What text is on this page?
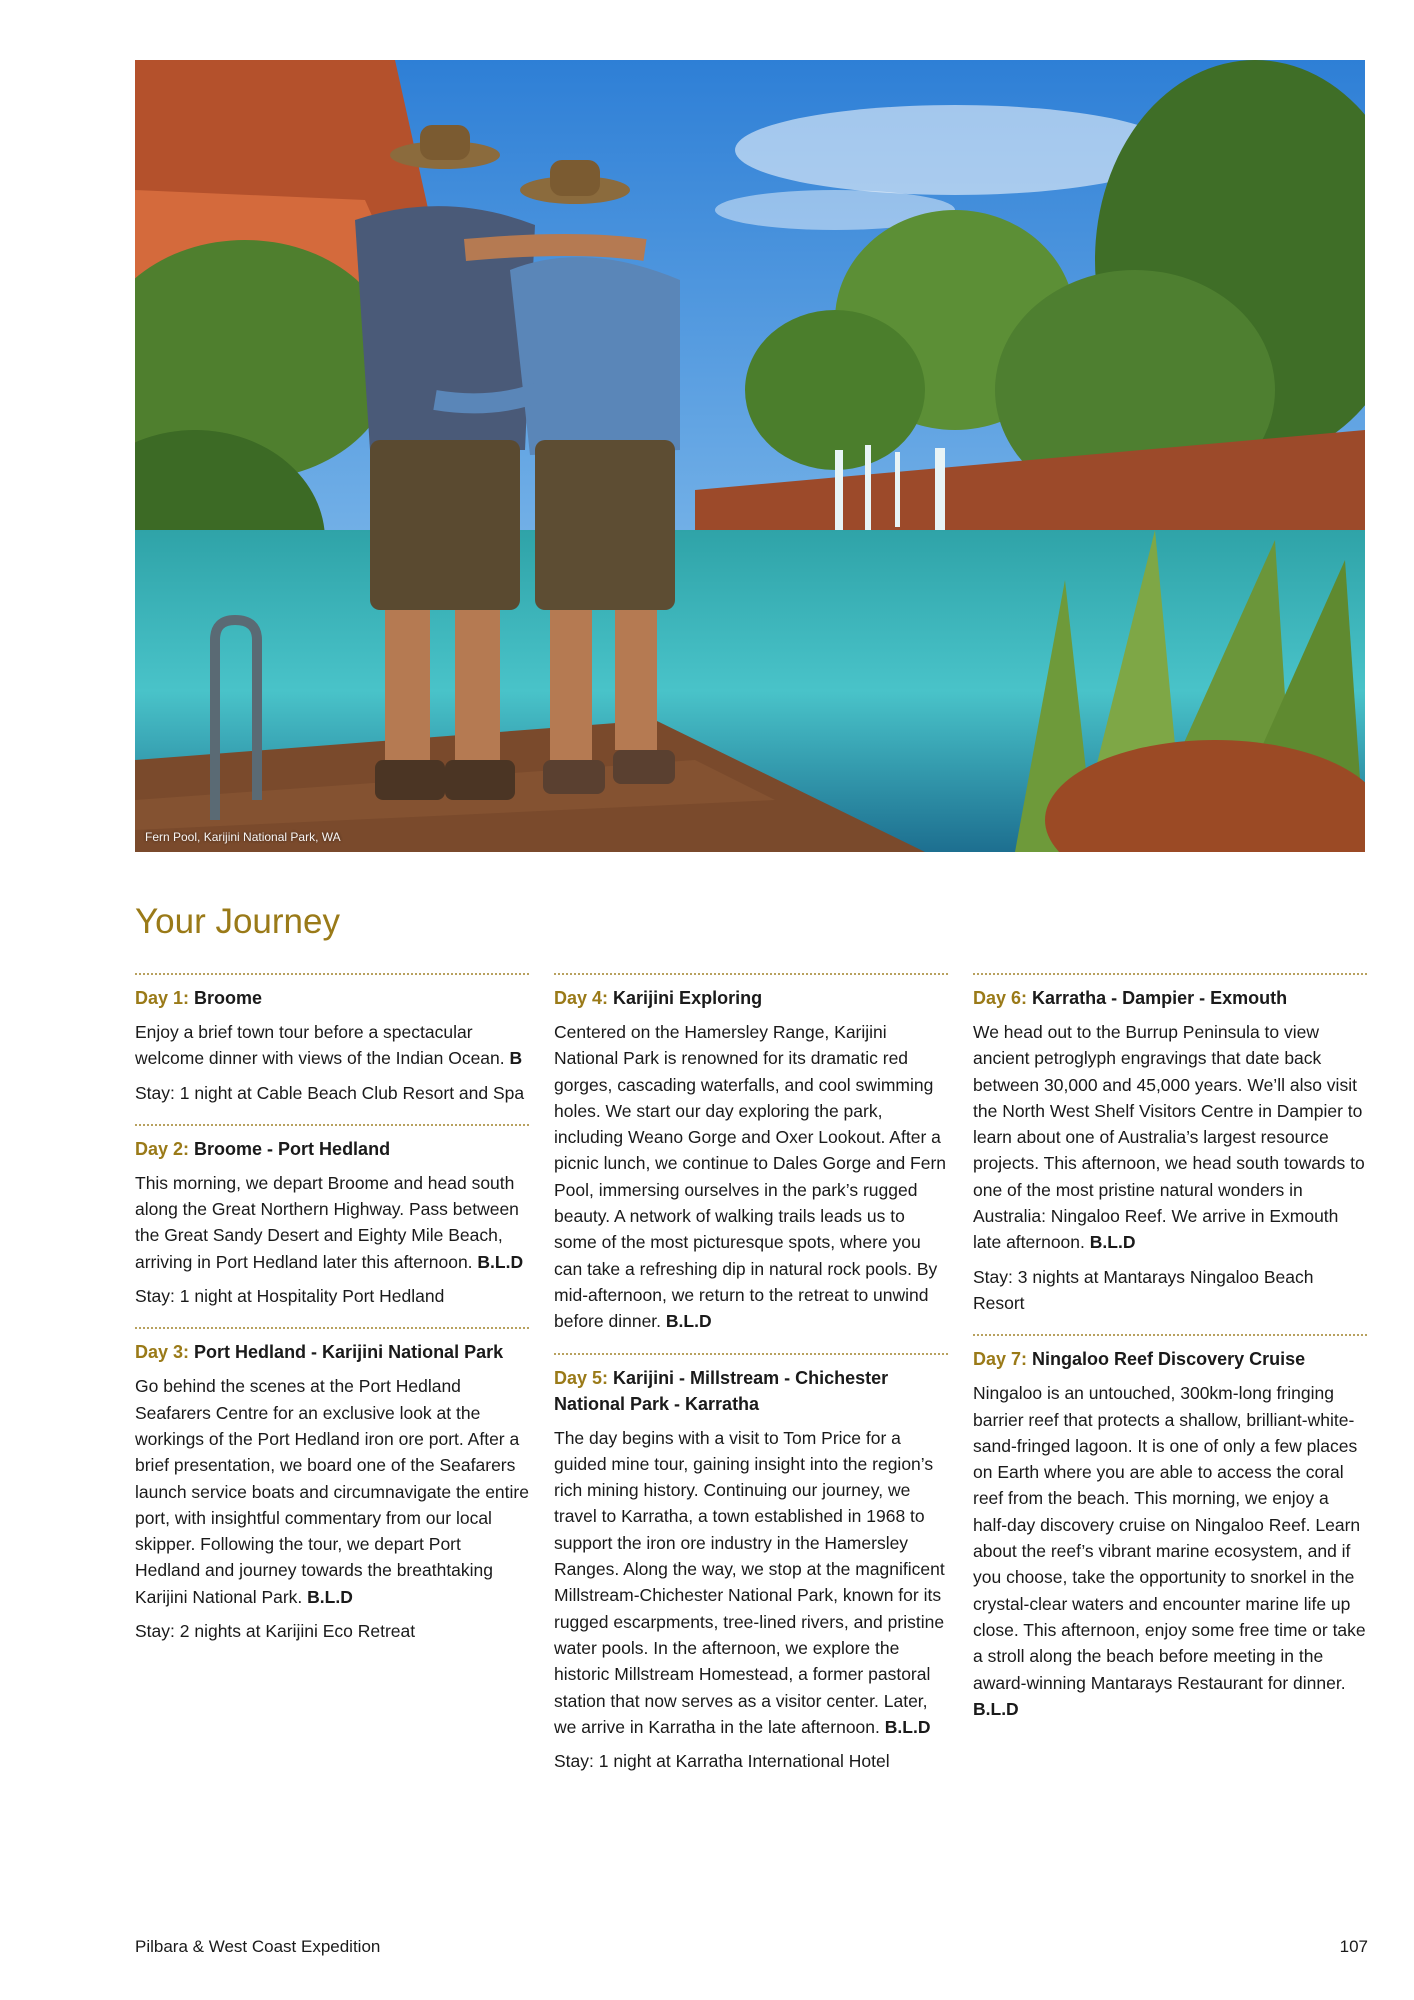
Fern Pool, Karijini National Park, WA
Your Journey

Day 1: Broome

Enjoy a brief town tour before a spectacular welcome dinner with views of the Indian Ocean. B

Stay: 1 night at Cable Beach Club Resort and Spa

Day 2: Broome - Port Hedland

This morning, we depart Broome and head south along the Great Northern Highway. Pass between the Great Sandy Desert and Eighty Mile Beach, arriving in Port Hedland later this afternoon. B.L.D

Stay: 1 night at Hospitality Port Hedland

Day 3: Port Hedland - Karijini National Park

Go behind the scenes at the Port Hedland Seafarers Centre for an exclusive look at the workings of the Port Hedland iron ore port. After a brief presentation, we board one of the Seafarers launch service boats and circumnavigate the entire port, with insightful commentary from our local skipper. Following the tour, we depart Port Hedland and journey towards the breathtaking Karijini National Park. B.L.D

Stay: 2 nights at Karijini Eco Retreat

Day 4: Karijini Exploring

Centered on the Hamersley Range, Karijini National Park is renowned for its dramatic red gorges, cascading waterfalls, and cool swimming holes. We start our day exploring the park, including Weano Gorge and Oxer Lookout. After a picnic lunch, we continue to Dales Gorge and Fern Pool, immersing ourselves in the park’s rugged beauty. A network of walking trails leads us to some of the most picturesque spots, where you can take a refreshing dip in natural rock pools. By mid-afternoon, we return to the retreat to unwind before dinner. B.L.D

Day 5: Karijini - Millstream - Chichester National Park - Karratha

The day begins with a visit to Tom Price for a guided mine tour, gaining insight into the region’s rich mining history. Continuing our journey, we travel to Karratha, a town established in 1968 to support the iron ore industry in the Hamersley Ranges. Along the way, we stop at the magnificent Millstream-Chichester National Park, known for its rugged escarpments, tree-lined rivers, and pristine water pools. In the afternoon, we explore the historic Millstream Homestead, a former pastoral station that now serves as a visitor center. Later, we arrive in Karratha in the late afternoon. B.L.D

Stay: 1 night at Karratha International Hotel

Day 6: Karratha - Dampier - Exmouth

We head out to the Burrup Peninsula to view ancient petroglyph engravings that date back between 30,000 and 45,000 years. We’ll also visit the North West Shelf Visitors Centre in Dampier to learn about one of Australia’s largest resource projects. This afternoon, we head south towards to one of the most pristine natural wonders in Australia: Ningaloo Reef. We arrive in Exmouth late afternoon. B.L.D

Stay: 3 nights at Mantarays Ningaloo Beach Resort

Day 7: Ningaloo Reef Discovery Cruise

Ningaloo is an untouched, 300km-long fringing barrier reef that protects a shallow, brilliant-white-sand-fringed lagoon. It is one of only a few places on Earth where you are able to access the coral reef from the beach. This morning, we enjoy a half-day discovery cruise on Ningaloo Reef. Learn about the reef’s vibrant marine ecosystem, and if you choose, take the opportunity to snorkel in the crystal-clear waters and encounter marine life up close. This afternoon, enjoy some free time or take a stroll along the beach before meeting in the award-winning Mantarays Restaurant for dinner. B.L.D

Pilbara & West Coast Expedition	107
